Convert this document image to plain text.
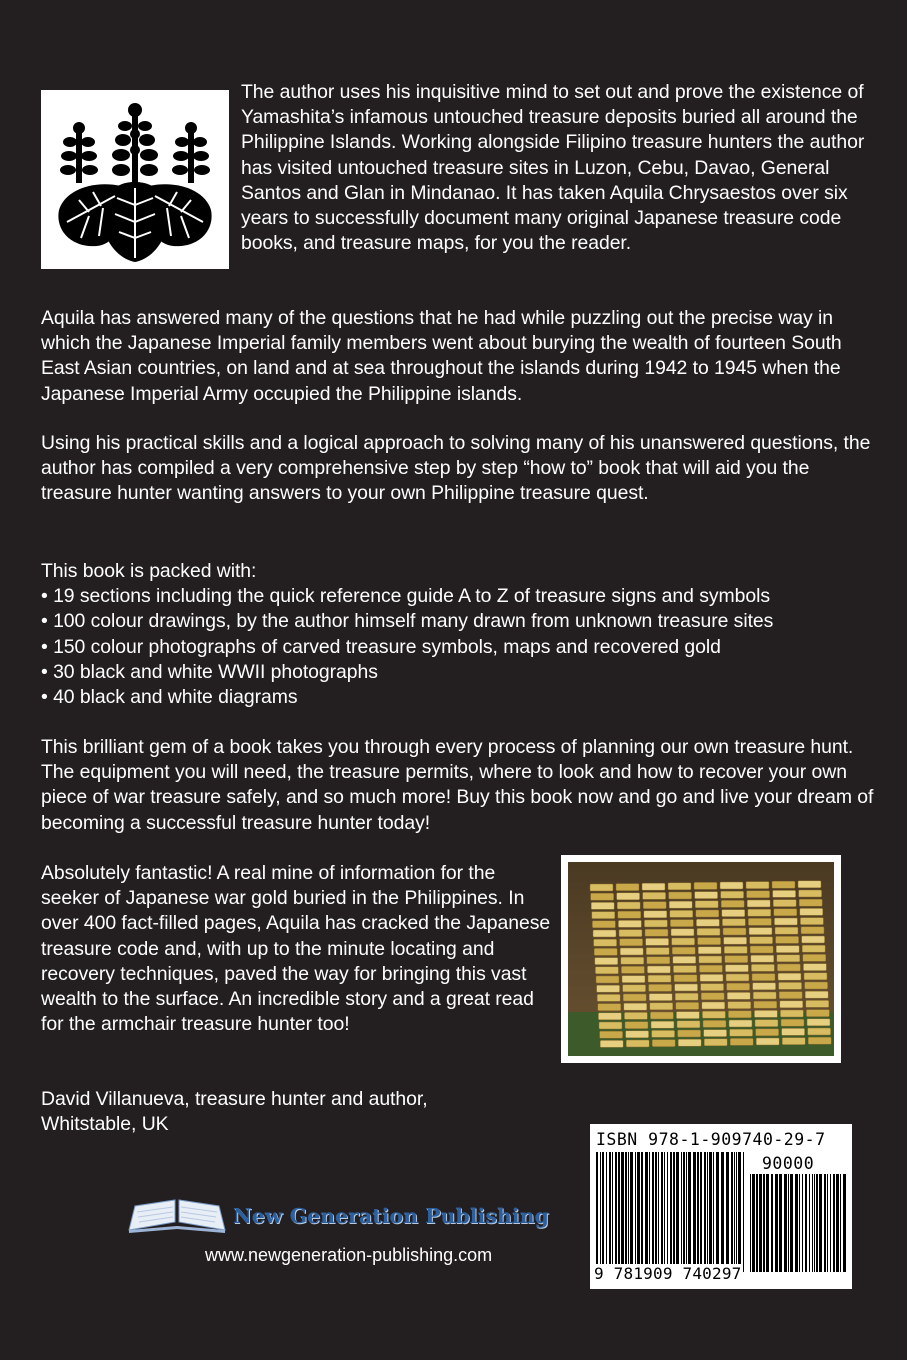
The author uses his inquisitive mind to set out and prove the existence of Yamashita’s infamous untouched treasure deposits buried all around the Philippine Islands. Working alongside Filipino treasure hunters the author has visited untouched treasure sites in Luzon, Cebu, Davao, General Santos and Glan in Mindanao. It has taken Aquila Chrysaestos over six years to successfully document many original Japanese treasure code books, and treasure maps, for you the reader.

Aquila has answered many of the questions that he had while puzzling out the precise way in which the Japanese Imperial family members went about burying the wealth of fourteen South East Asian countries, on land and at sea throughout the islands during 1942 to 1945 when the Japanese Imperial Army occupied the Philippine islands.

Using his practical skills and a logical approach to solving many of his unanswered questions, the author has compiled a very comprehensive step by step “how to” book that will aid you the treasure hunter wanting answers to your own Philippine treasure quest.

This book is packed with:
• 19 sections including the quick reference guide A to Z of treasure signs and symbols
• 100 colour drawings, by the author himself many drawn from unknown treasure sites
• 150 colour photographs of carved treasure symbols, maps and recovered gold
• 30 black and white WWII photographs
• 40 black and white diagrams

This brilliant gem of a book takes you through every process of planning our own treasure hunt. The equipment you will need, the treasure permits, where to look and how to recover your own piece of war treasure safely, and so much more! Buy this book now and go and live your dream of becoming a successful treasure hunter today!

Absolutely fantastic! A real mine of information for the seeker of Japanese war gold buried in the Philippines. In over 400 fact-filled pages, Aquila has cracked the Japanese treasure code and, with up to the minute locating and recovery techniques, paved the way for bringing this vast wealth to the surface. An incredible story and a great read for the armchair treasure hunter too!

David Villanueva, treasure hunter and author,
Whitstable, UK
New Generation Publishing
www.newgeneration-publishing.com
ISBN 978-1-909740-29-7
90000
9 781909 740297
